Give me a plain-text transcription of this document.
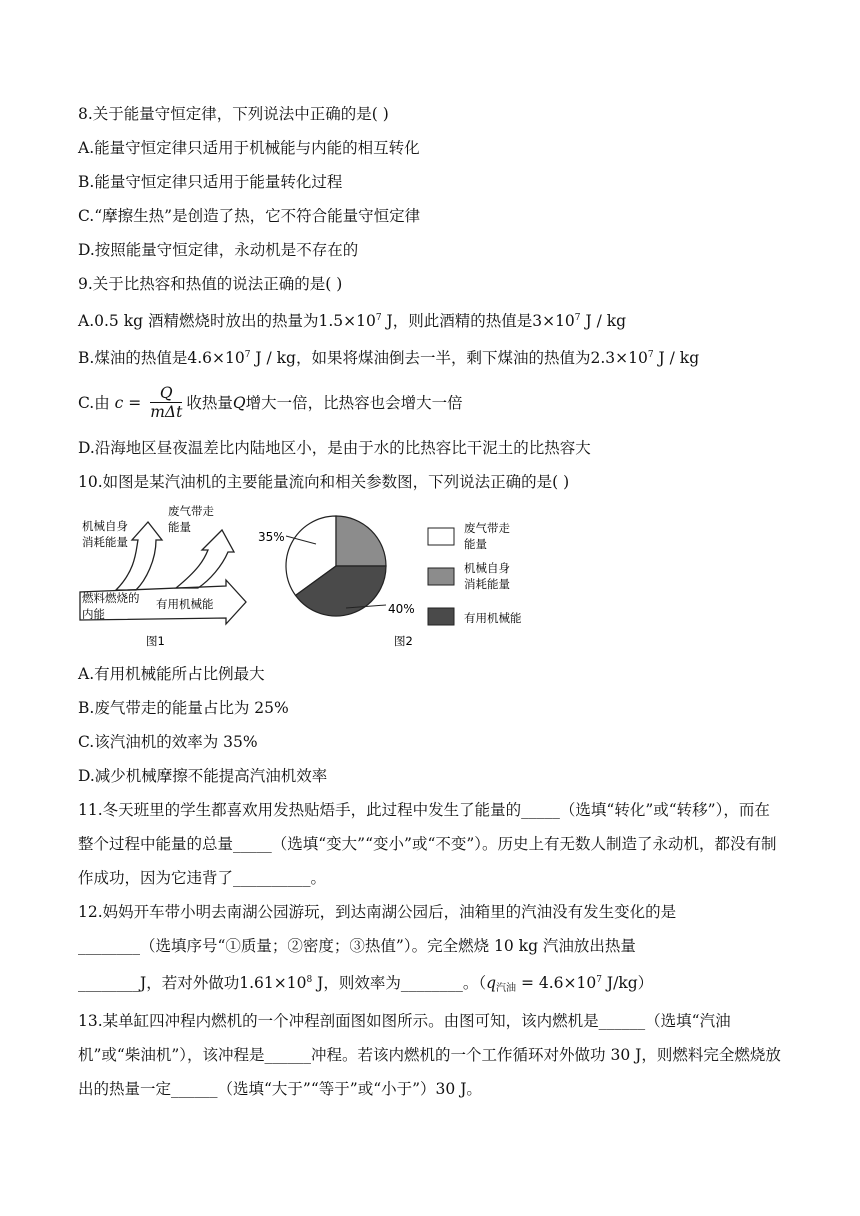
8.关于能量守恒定律，下列说法中正确的是( )
A.能量守恒定律只适用于机械能与内能的相互转化
B.能量守恒定律只适用于能量转化过程
C.“摩擦生热”是创造了热，它不符合能量守恒定律
D.按照能量守恒定律，永动机是不存在的
9.关于比热容和热值的说法正确的是( )
A.0.5 kg 酒精燃烧时放出的热量为$1.5\times 10^7$ J，则此酒精的热值是$3\times 10^7$ J / kg
B.煤油的热值是$4.6\times 10^7$ J / kg，如果将煤油倒去一半，剩下煤油的热值为$2.3\times 10^7$ J / kg
C.由 $c = \frac{Q}{\text{mΔt}}$ 收热量Q增大一倍，比热容也会增大一倍
D.沿海地区昼夜温差比内陆地区小，是由于水的比热容比干泥土的比热容大
10.如图是某汽油机的主要能量流向和相关参数图，下列说法正确的是( )
机械自身
消耗能量
废气带走
能量
燃料燃烧的
内能
有用机械能
图1
35%
40%
图2
废气带走
能量
机械自身
消耗能量
有用机械能
A.有用机械能所占比例最大
B.废气带走的能量占比为 25%
C.该汽油机的效率为 35%
D.减少机械摩擦不能提高汽油机效率
11.冬天班里的学生都喜欢用发热贴焐手，此过程中发生了能量的_____（选填“转化”或“转移”），而在整个过程中能量的总量_____（选填“变大”“变小”或“不变”）。历史上有无数人制造了永动机，都没有制作成功，因为它违背了__________。
12.妈妈开车带小明去南湖公园游玩，到达南湖公园后，油箱里的汽油没有发生变化的是
________（选填序号“①质量；②密度；③热值”）。完全燃烧 10 kg 汽油放出热量
________J，若对外做功$1.61\times 10^8$ J，则效率为________。（$q_{汽油} = 4.6\times 10^7$ J/kg）
13.某单缸四冲程内燃机的一个冲程剖面图如图所示。由图可知，该内燃机是______（选填“汽油机”或“柴油机”），该冲程是______冲程。若该内燃机的一个工作循环对外做功 30 J，则燃料完全燃烧放出的热量一定______（选填“大于”“等于”或“小于”）30 J。
